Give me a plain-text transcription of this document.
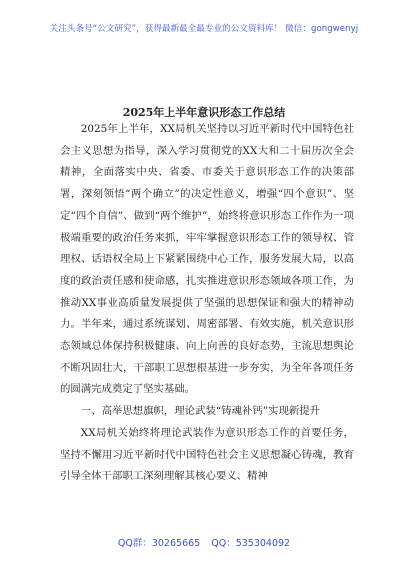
关注头条号“公文研究”，获得最新最全最专业的公文资料库！ 微信：gongwenyj
2025年上半年意识形态工作总结

2025年上半年，XX局机关坚持以习近平新时代中国特色社会主义思想为指导，深入学习贯彻党的XX大和二十届历次全会精神，全面落实中央、省委、市委关于意识形态工作的决策部署，深刻领悟“两个确立”的决定性意义，增强“四个意识”、坚定“四个自信”、做到“两个维护”，始终将意识形态工作作为一项极端重要的政治任务来抓，牢牢掌握意识形态工作的领导权、管理权、话语权全局上下紧紧围绕中心工作，服务发展大局，以高度的政治责任感和使命感，扎实推进意识形态领域各项工作，为推动XX事业高质量发展提供了坚强的思想保证和强大的精神动力。半年来，通过系统谋划、周密部署、有效实施，机关意识形态领域总体保持积极健康、向上向善的良好态势，主流思想舆论不断巩固壮大，干部职工思想根基进一步夯实，为全年各项任务的圆满完成奠定了坚实基础。

一、高举思想旗帜，理论武装“铸魂补钙”实现新提升

XX局机关始终将理论武装作为意识形态工作的首要任务，坚持不懈用习近平新时代中国特色社会主义思想凝心铸魂，教育引导全体干部职工深刻理解其核心要义、精神

QQ群：30265665 QQ：535304092
